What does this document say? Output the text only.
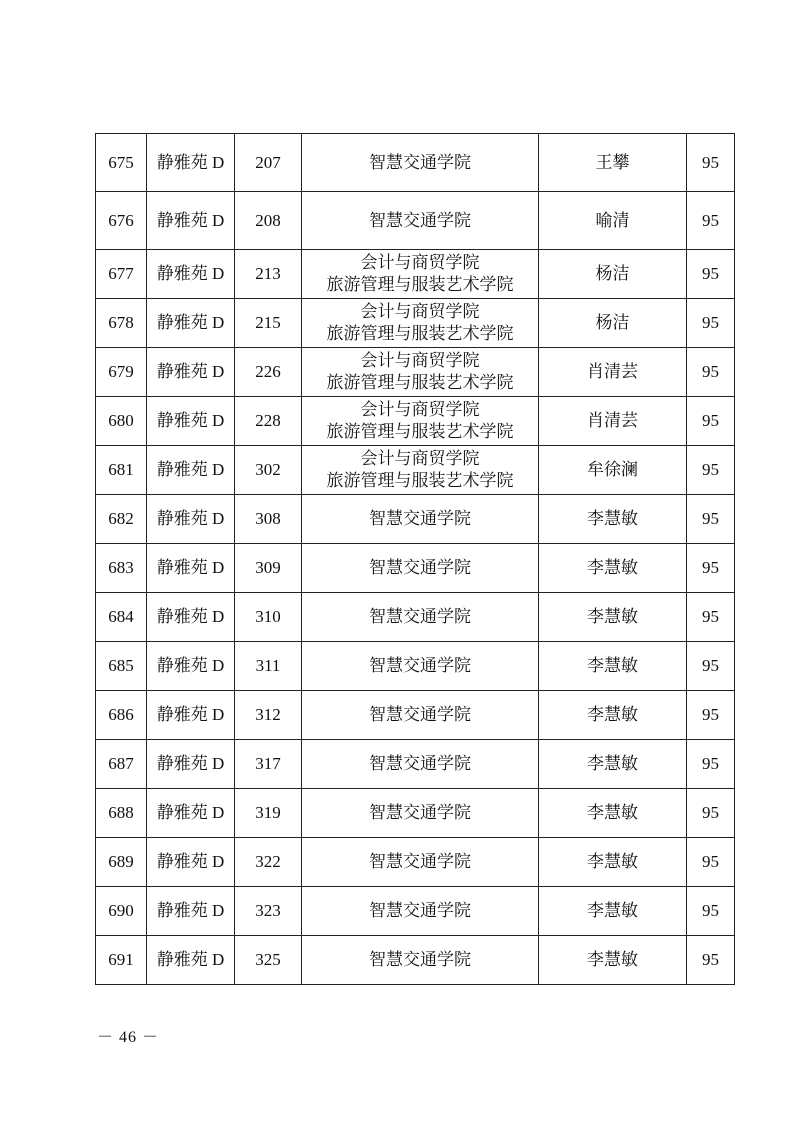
675	静雅苑 D	207	智慧交通学院	王攀	95
676	静雅苑 D	208	智慧交通学院	喻清	95
677	静雅苑 D	213	会计与商贸学院
旅游管理与服装艺术学院	杨洁	95
678	静雅苑 D	215	会计与商贸学院
旅游管理与服装艺术学院	杨洁	95
679	静雅苑 D	226	会计与商贸学院
旅游管理与服装艺术学院	肖清芸	95
680	静雅苑 D	228	会计与商贸学院
旅游管理与服装艺术学院	肖清芸	95
681	静雅苑 D	302	会计与商贸学院
旅游管理与服装艺术学院	牟徐澜	95
682	静雅苑 D	308	智慧交通学院	李慧敏	95
683	静雅苑 D	309	智慧交通学院	李慧敏	95
684	静雅苑 D	310	智慧交通学院	李慧敏	95
685	静雅苑 D	311	智慧交通学院	李慧敏	95
686	静雅苑 D	312	智慧交通学院	李慧敏	95
687	静雅苑 D	317	智慧交通学院	李慧敏	95
688	静雅苑 D	319	智慧交通学院	李慧敏	95
689	静雅苑 D	322	智慧交通学院	李慧敏	95
690	静雅苑 D	323	智慧交通学院	李慧敏	95
691	静雅苑 D	325	智慧交通学院	李慧敏	95
－ 46 －
